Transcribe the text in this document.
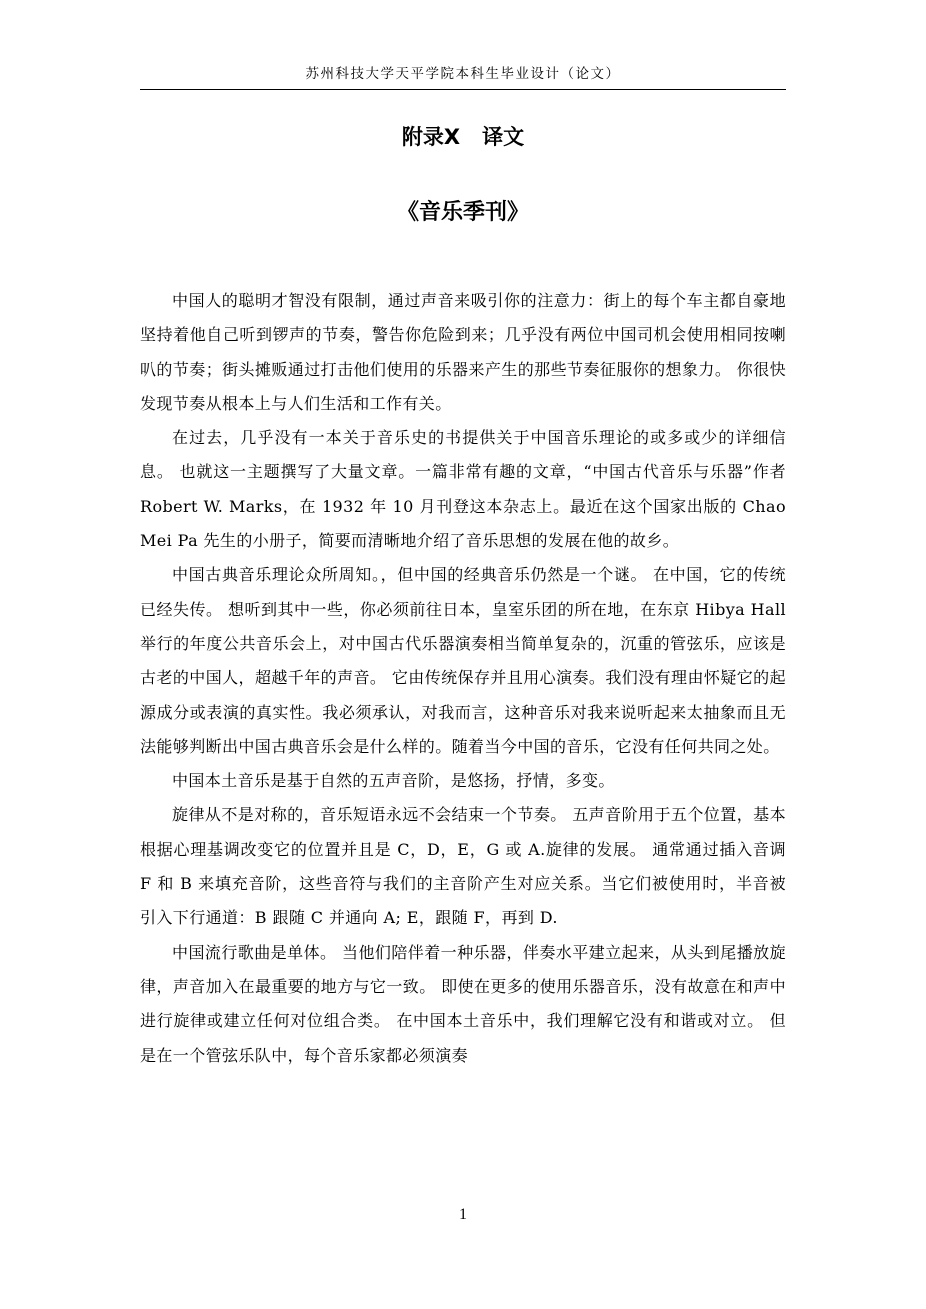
苏州科技大学天平学院本科生毕业设计（论文）
附录X 译文
《音乐季刊》

中国人的聪明才智没有限制，通过声音来吸引你的注意力：街上的每个车主都自豪地坚持着他自己听到锣声的节奏，警告你危险到来；几乎没有两位中国司机会使用相同按喇叭的节奏；街头摊贩通过打击他们使用的乐器来产生的那些节奏征服你的想象力。 你很快发现节奏从根本上与人们生活和工作有关。

在过去，几乎没有一本关于音乐史的书提供关于中国音乐理论的或多或少的详细信息。 也就这一主题撰写了大量文章。一篇非常有趣的文章，“中国古代音乐与乐器”作者 Robert W. Marks，在 1932 年 10 月刊登这本杂志上。最近在这个国家出版的 Chao Mei Pa 先生的小册子，简要而清晰地介绍了音乐思想的发展在他的故乡。

中国古典音乐理论众所周知。，但中国的经典音乐仍然是一个谜。 在中国，它的传统已经失传。 想听到其中一些，你必须前往日本，皇室乐团的所在地，在东京 Hibya Hall 举行的年度公共音乐会上，对中国古代乐器演奏相当简单复杂的，沉重的管弦乐，应该是古老的中国人，超越千年的声音。 它由传统保存并且用心演奏。我们没有理由怀疑它的起源成分或表演的真实性。我必须承认，对我而言，这种音乐对我来说听起来太抽象而且无法能够判断出中国古典音乐会是什么样的。随着当今中国的音乐，它没有任何共同之处。

中国本土音乐是基于自然的五声音阶，是悠扬，抒情，多变。

旋律从不是对称的，音乐短语永远不会结束一个节奏。 五声音阶用于五个位置，基本根据心理基调改变它的位置并且是 C，D，E，G 或 A.旋律的发展。 通常通过插入音调 F 和 B 来填充音阶，这些音符与我们的主音阶产生对应关系。当它们被使用时，半音被引入下行通道：B 跟随 C 并通向 A; E，跟随 F，再到 D.

中国流行歌曲是单体。 当他们陪伴着一种乐器，伴奏水平建立起来，从头到尾播放旋律，声音加入在最重要的地方与它一致。 即使在更多的使用乐器音乐，没有故意在和声中进行旋律或建立任何对位组合类。 在中国本土音乐中，我们理解它没有和谐或对立。 但是在一个管弦乐队中，每个音乐家都必须演奏

1
